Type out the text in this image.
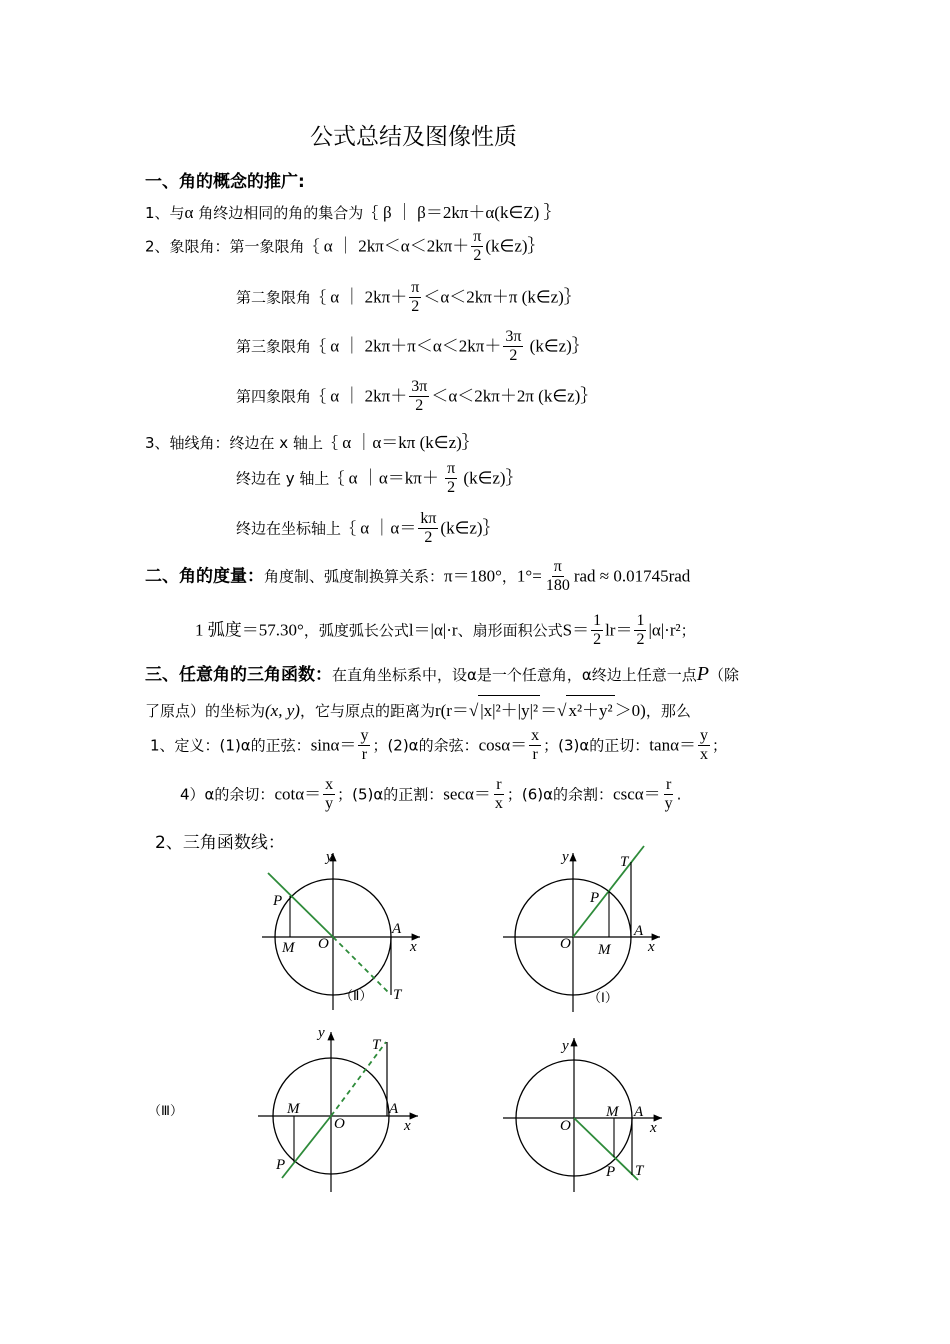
公式总结及图像性质
一、角的概念的推广:
1、与α 角终边相同的角的集合为｛ β ｜ β＝2kπ＋α(k∈Z) ｝
2、象限角：第一象限角｛ α ｜ $2k\pi<\alpha<2k\pi+ \frac{\pi}{2}$ (k∈z)｝
第二象限角｛ α ｜ $2k\pi+ \frac{\pi}{2} <\alpha<2k\pi+\pi$ (k∈z)｝
第三象限角｛ α ｜ $2k\pi+\pi<\alpha<2k\pi+ \frac{3\pi}{2}$ (k∈z)｝
第四象限角｛ α ｜ $2k\pi+ \frac{3\pi}{2} <\alpha<2k\pi+2\pi$ (k∈z)｝
3、轴线角：终边在 x 轴上｛ α ｜α＝kπ (k∈z)｝
终边在 y 轴上｛ α ｜α＝kπ＋ $\frac{\pi}{2}$ (k∈z)｝
终边在坐标轴上｛ α ｜α＝ $\frac{k\pi}{2}$ (k∈z)｝
二、角的度量：角度制、弧度制换算关系：π＝180°，$1^\circ= \frac{\pi}{180}$ rad ≈ 0.01745rad
1 弧度＝57.30°，弧度弧长公式l＝|α|·r、扇形面积公式$S= \frac{1}{2} lr= \frac{1}{2} |\alpha|\cdot r^2$；
三、任意角的三角函数：在直角坐标系中，设α是一个任意角，α终边上任意一点P（除
了原点）的坐标为(x, y)，它与原点的距离为r(r＝√ |x|²＋|y|² ＝√ x²＋y² ＞0)，那么
1、定义：(1)α的正弦：$\sin\alpha= \frac{y}{r}$ ；(2)α的余弦：$\cos\alpha= \frac{x}{r}$ ；(3)α的正切：$\tan\alpha= \frac{y}{x}$ ；
4）α的余切：$\cot\alpha= \frac{x}{y}$ ；(5)α的正割：$\sec\alpha= \frac{r}{x}$ ；(6)α的余割：$\csc\alpha= \frac{r}{y}$ .
2、三角函数线：
y
x
O
A
M
P
T
（Ⅱ）
y
x
O
A
M
P
T
（Ⅰ）
（Ⅲ）
y
x
O
A
M
P
T	y
x
O
A
M
P T
